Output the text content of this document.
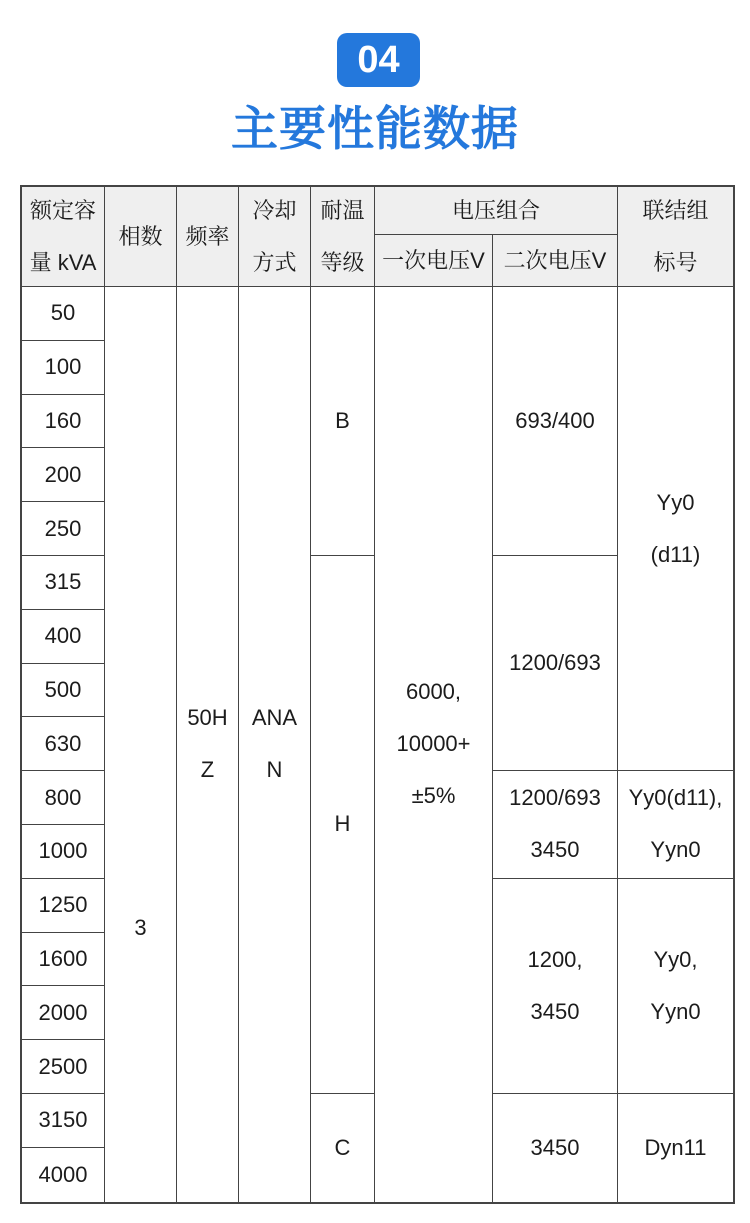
04
主要性能数据
额定容
量 kVA
相数	频率
冷却
方式
耐温
等级
电压组合
一次电压V 二次电压V
联结组
标号
50
100
160
200
250
315
400
500
630
800
1000
1250
1600
2000
2500
3150
4000
3
50H
Z
ANA
N
B
H
C
6000,
10000+
±5%
693/400
1200/693
1200/693
3450
1200,
3450
3450
Yy0
(d11)
Yy0(d11),
Yyn0
Yy0,
Yyn0
Dyn11
